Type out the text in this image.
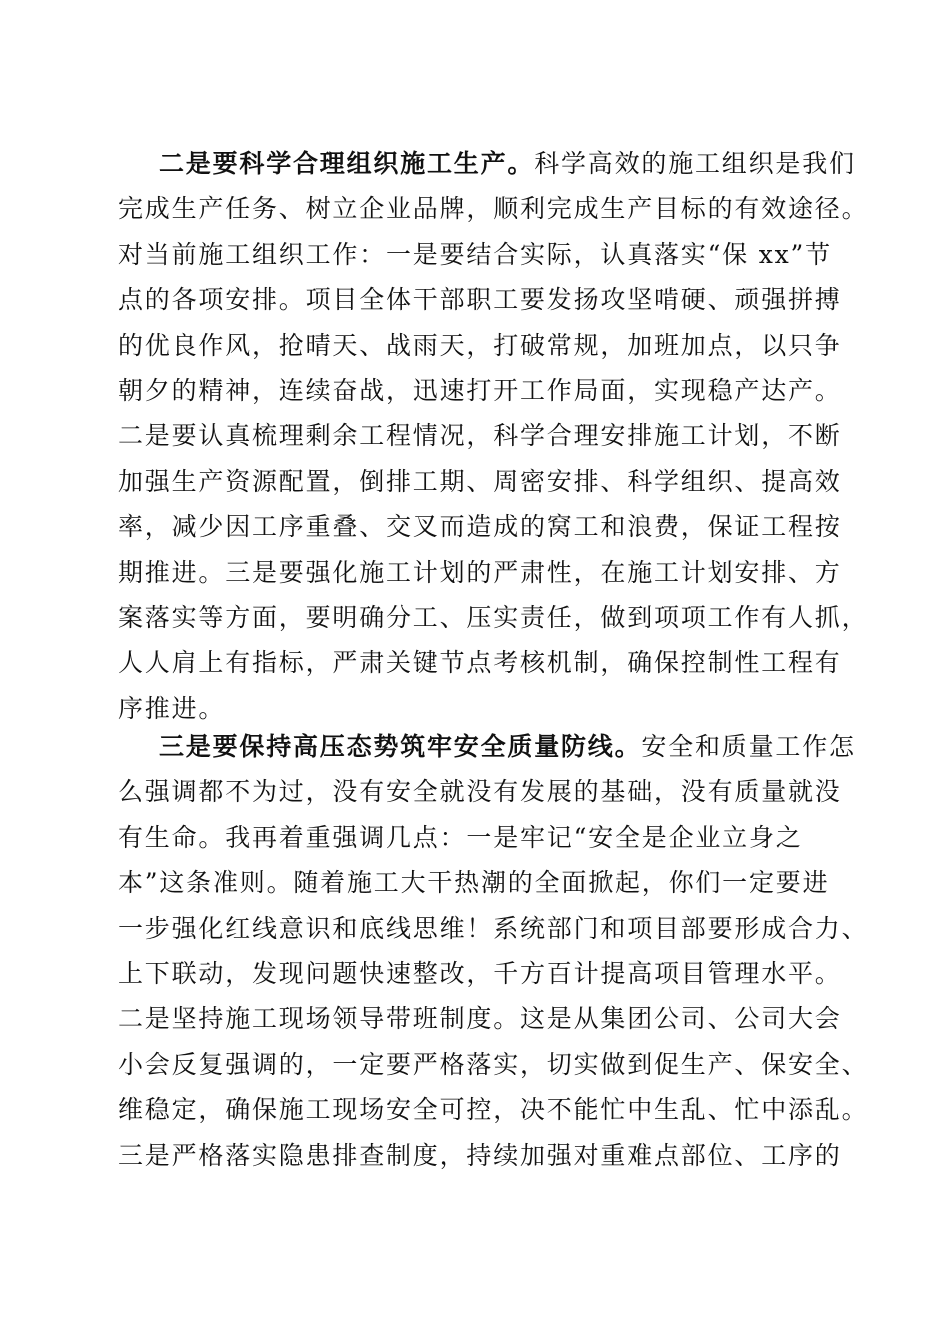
二是要科学合理组织施工生产。科学高效的施工组织是我们
完成生产任务、树立企业品牌，顺利完成生产目标的有效途径。
对当前施工组织工作：一是要结合实际，认真落实“保 xx”节
点的各项安排。项目全体干部职工要发扬攻坚啃硬、顽强拼搏
的优良作风，抢晴天、战雨天，打破常规，加班加点，以只争
朝夕的精神，连续奋战，迅速打开工作局面，实现稳产达产。
二是要认真梳理剩余工程情况，科学合理安排施工计划，不断
加强生产资源配置，倒排工期、周密安排、科学组织、提高效
率，减少因工序重叠、交叉而造成的窝工和浪费，保证工程按
期推进。三是要强化施工计划的严肃性，在施工计划安排、方
案落实等方面，要明确分工、压实责任，做到项项工作有人抓，
人人肩上有指标，严肃关键节点考核机制，确保控制性工程有
序推进。
三是要保持高压态势筑牢安全质量防线。安全和质量工作怎
么强调都不为过，没有安全就没有发展的基础，没有质量就没
有生命。我再着重强调几点：一是牢记“安全是企业立身之
本”这条准则。随着施工大干热潮的全面掀起，你们一定要进
一步强化红线意识和底线思维！系统部门和项目部要形成合力、
上下联动，发现问题快速整改，千方百计提高项目管理水平。
二是坚持施工现场领导带班制度。这是从集团公司、公司大会
小会反复强调的，一定要严格落实，切实做到促生产、保安全、
维稳定，确保施工现场安全可控，决不能忙中生乱、忙中添乱。
三是严格落实隐患排查制度，持续加强对重难点部位、工序的
